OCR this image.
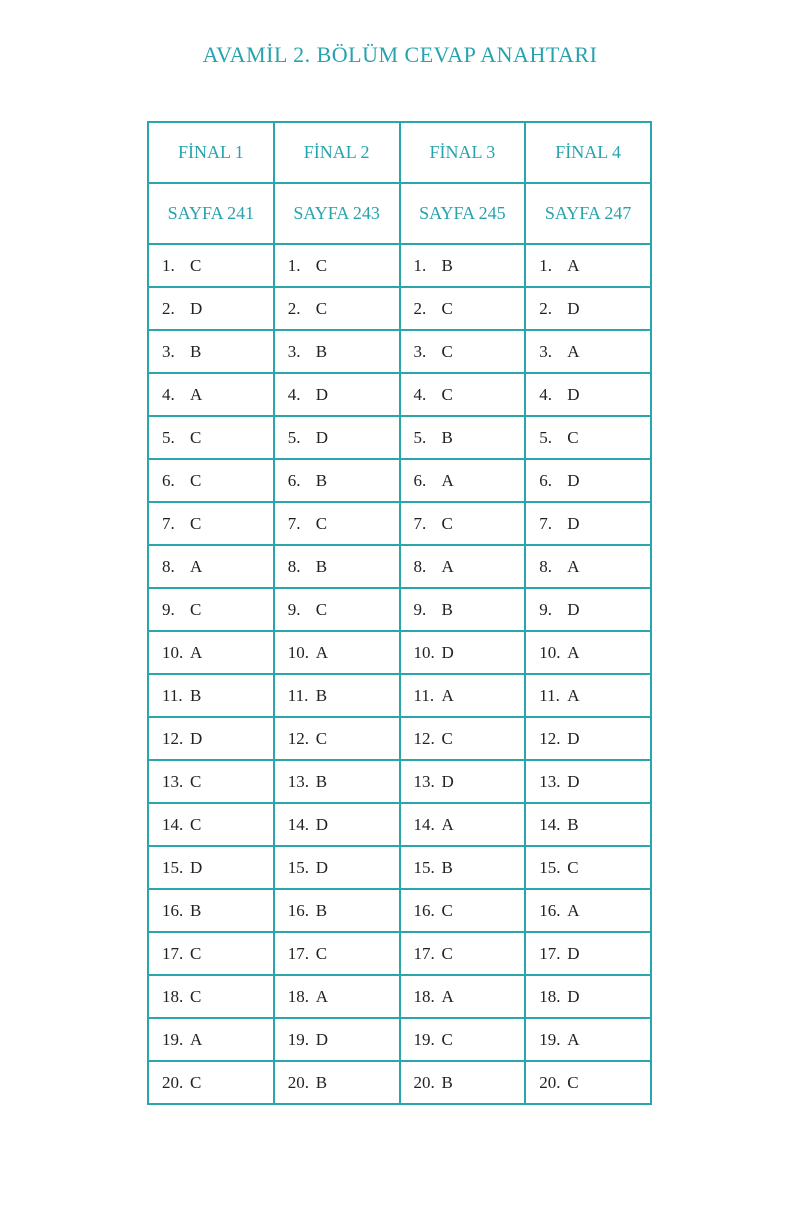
AVAMİL 2. BÖLÜM CEVAP ANAHTARI
FİNAL 1	FİNAL 2	FİNAL 3	FİNAL 4
SAYFA 241	SAYFA 243	SAYFA 245	SAYFA 247
1. C	1. C	1. B	1. A
2. D	2. C	2. C	2. D
3. B	3. B	3. C	3. A
4. A	4. D	4. C	4. D
5. C	5. D	5. B	5. C
6. C	6. B	6. A	6. D
7. C	7. C	7. C	7. D
8. A	8. B	8. A	8. A
9. C	9. C	9. B	9. D
10. A	10. A	10. D	10. A
11. B	11. B	11. A	11. A
12. D	12. C	12. C	12. D
13. C	13. B	13. D	13. D
14. C	14. D	14. A	14. B
15. D	15. D	15. B	15. C
16. B	16. B	16. C	16. A
17. C	17. C	17. C	17. D
18. C	18. A	18. A	18. D
19. A	19. D	19. C	19. A
20. C	20. B	20. B	20. C
